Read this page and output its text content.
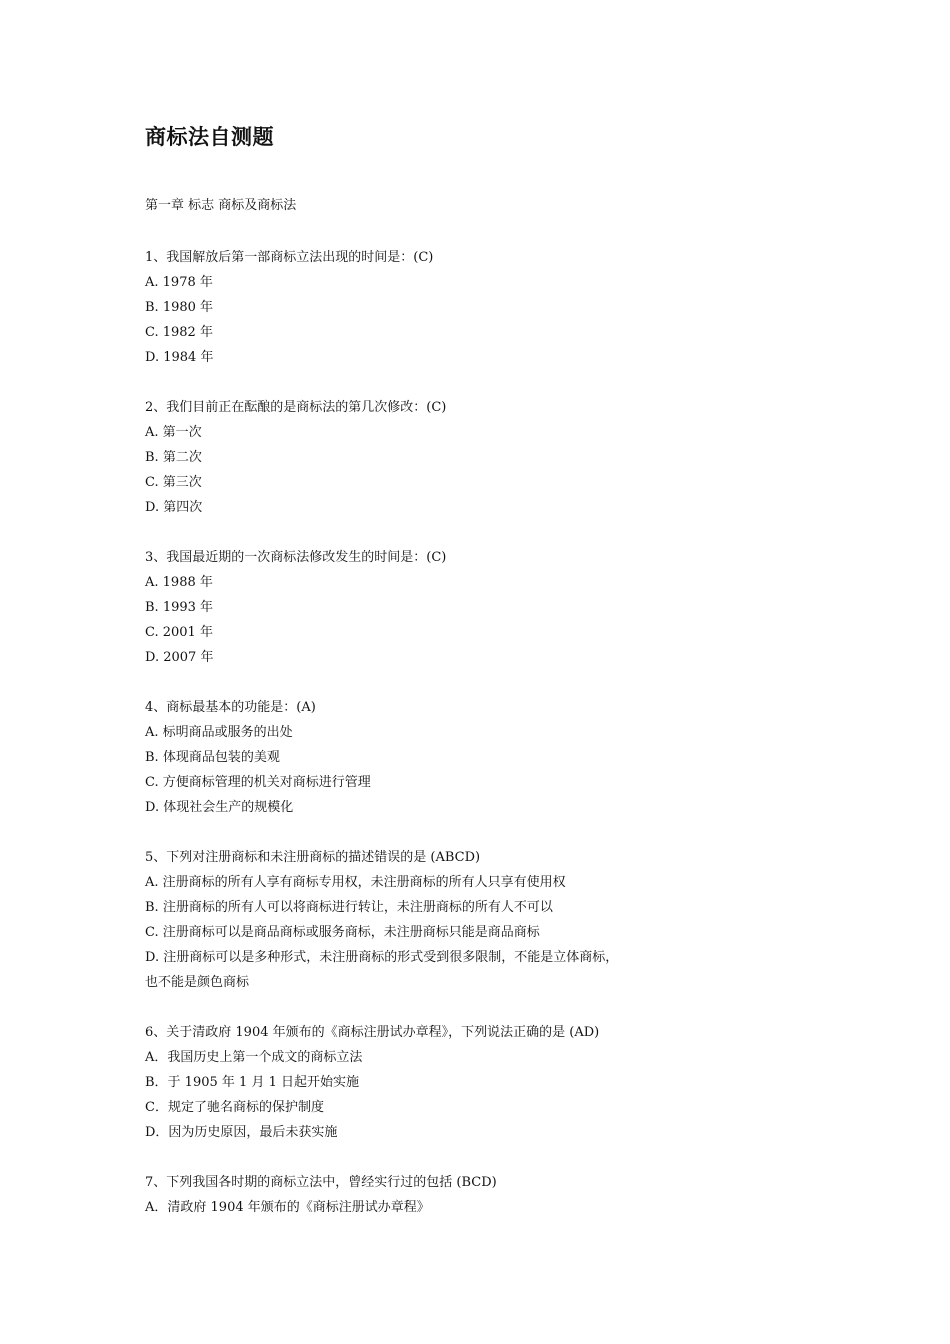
商标法自测题
第一章 标志 商标及商标法
1、我国解放后第一部商标立法出现的时间是：(C)
A. 1978 年
B. 1980 年
C. 1982 年
D. 1984 年
2、我们目前正在酝酿的是商标法的第几次修改：(C)
A. 第一次
B. 第二次
C. 第三次
D. 第四次
3、我国最近期的一次商标法修改发生的时间是：(C)
A. 1988 年
B. 1993 年
C. 2001 年
D. 2007 年
4、商标最基本的功能是：(A)
A. 标明商品或服务的出处
B. 体现商品包装的美观
C. 方便商标管理的机关对商标进行管理
D. 体现社会生产的规模化
5、下列对注册商标和未注册商标的描述错误的是 (ABCD)
A. 注册商标的所有人享有商标专用权，未注册商标的所有人只享有使用权
B. 注册商标的所有人可以将商标进行转让，未注册商标的所有人不可以
C. 注册商标可以是商品商标或服务商标，未注册商标只能是商品商标
D. 注册商标可以是多种形式，未注册商标的形式受到很多限制，不能是立体商标，
也不能是颜色商标
6、关于清政府 1904 年颁布的《商标注册试办章程》，下列说法正确的是 (AD)
A．我国历史上第一个成文的商标立法
B．于 1905 年 1 月 1 日起开始实施
C．规定了驰名商标的保护制度
D．因为历史原因，最后未获实施
7、下列我国各时期的商标立法中，曾经实行过的包括 (BCD)
A．清政府 1904 年颁布的《商标注册试办章程》
